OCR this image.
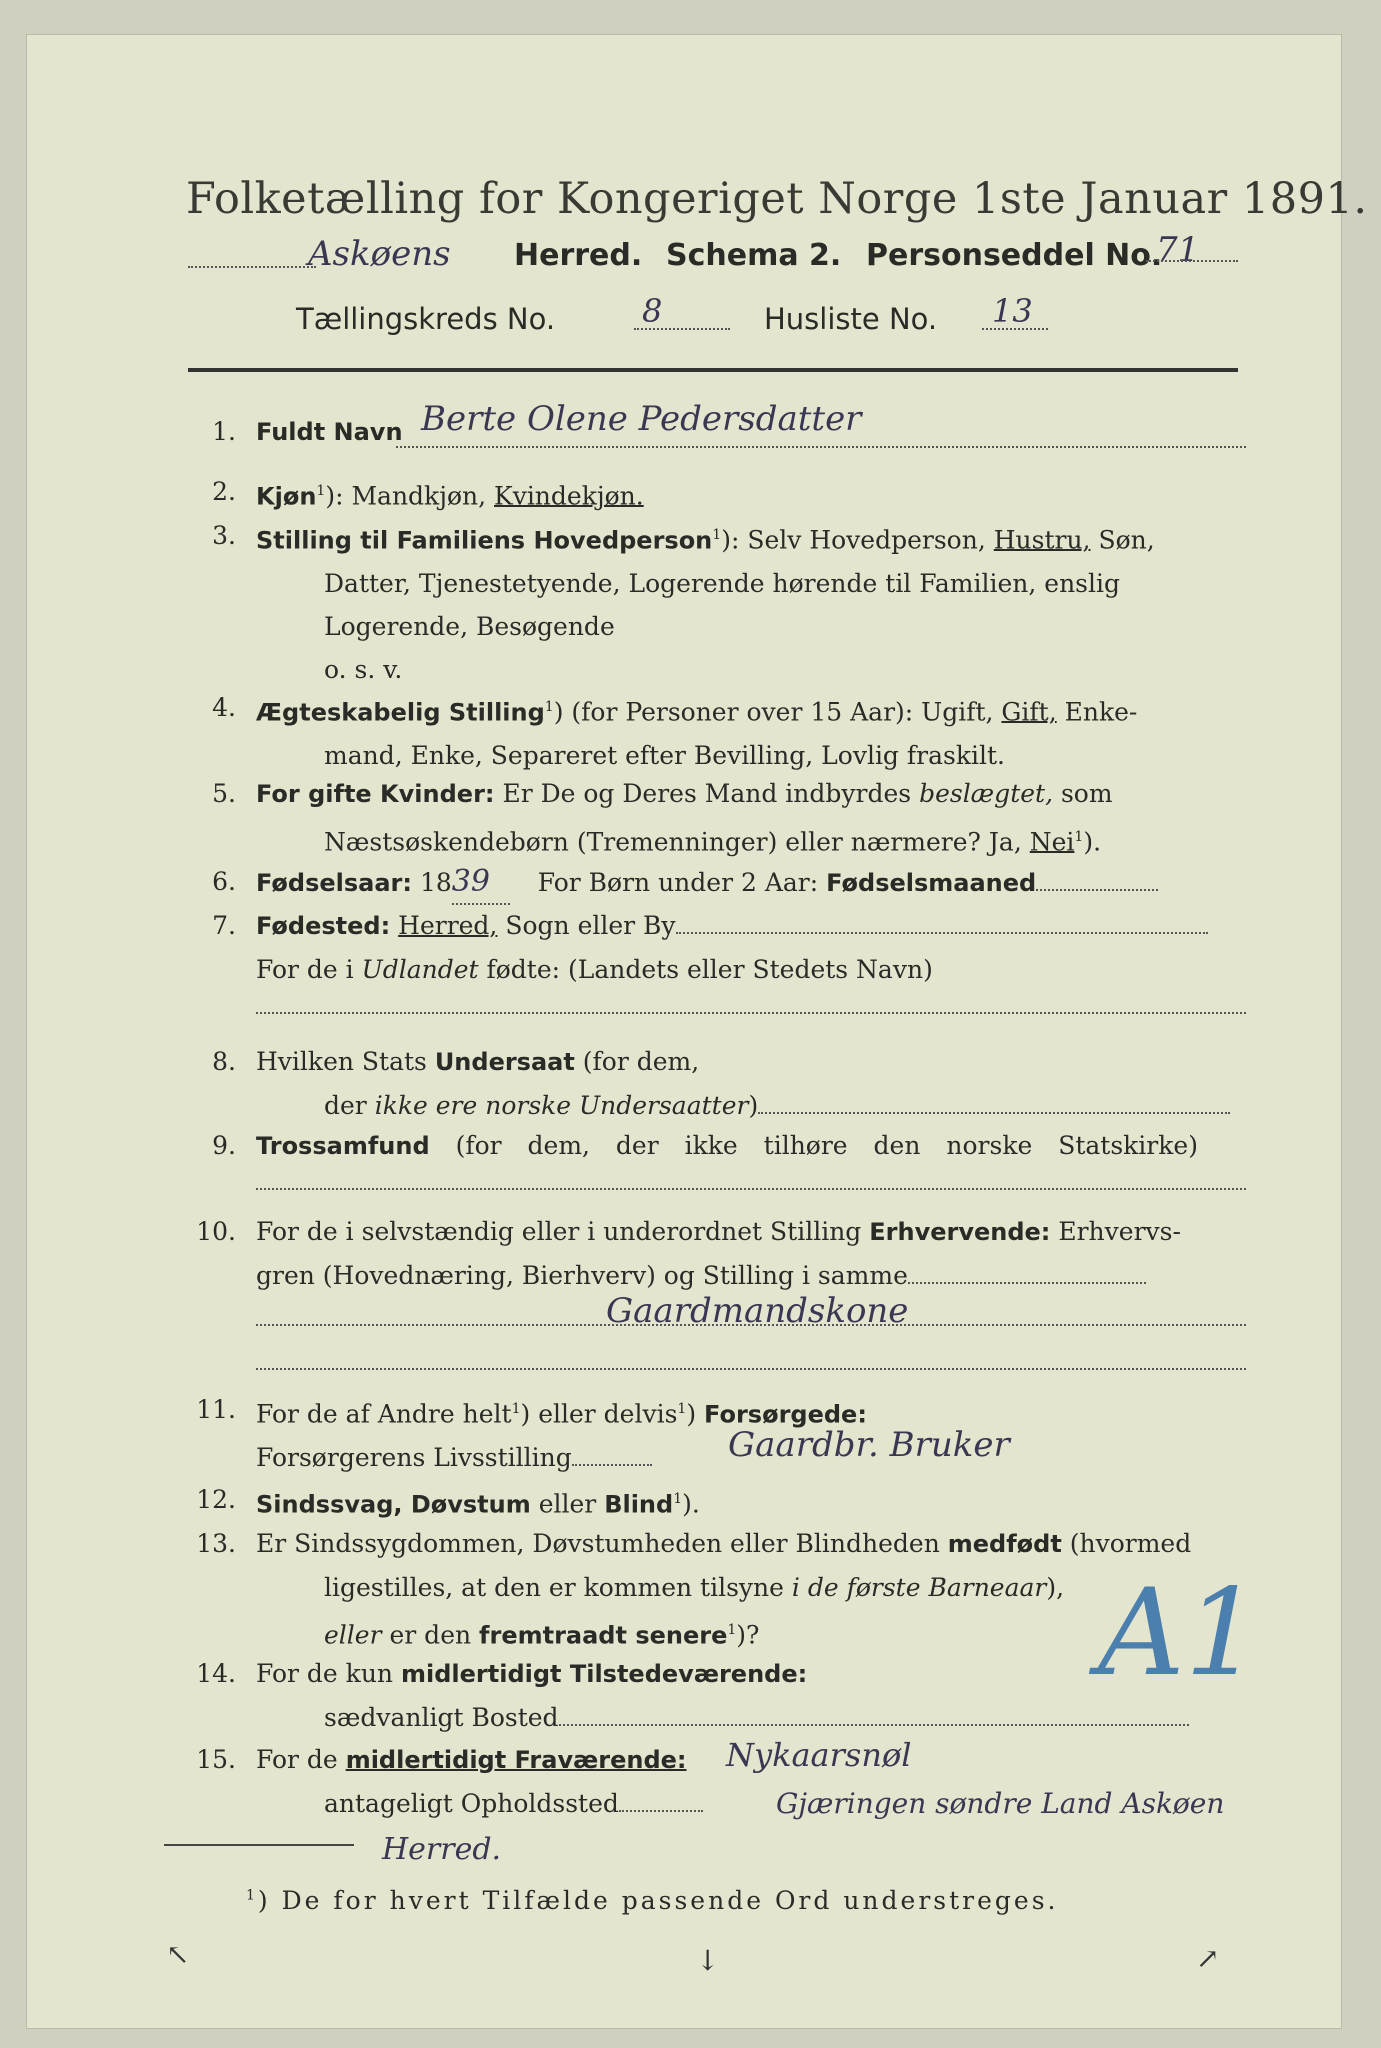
Folketælling for Kongeriget Norge 1ste Januar 1891.
Askøens Herred. Schema 2. Personseddel No.
71
Tællingskreds No.	8	Husliste No. 13
1. Fuldt Navn Berte Olene Pedersdatter
2. Kjøn$^1$): Mandkjøn, Kvindekjøn.
3. Stilling til Familiens Hovedperson$^1$): Selv Hovedperson, Hustru, Søn,
Datter, Tjenestetyende, Logerende hørende til Familien, enslig
Logerende, Besøgende
o. s. v.
4. Ægteskabelig Stilling$^1$) (for Personer over 15 Aar): Ugift, Gift, Enke-
mand, Enke, Separeret efter Bevilling, Lovlig fraskilt.
5. For gifte Kvinder: Er De og Deres Mand indbyrdes beslægtet, som
Næstsøskendebørn (Tremenninger) eller nærmere? Ja, Nei$^1$).
6. Fødselsaar: 1839 For Børn under 2 Aar: Fødselsmaaned
7. Fødested: Herred, Sogn eller By
For de i Udlandet fødte: (Landets eller Stedets Navn)
8. Hvilken Stats Undersaat (for dem,
der ikke ere norske Undersaatter)
9. Trossamfund (for dem, der ikke tilhøre den norske Statskirke)
10. For de i selvstændig eller i underordnet Stilling Erhvervende: Erhvervs-
gren (Hovednæring, Bierhverv) og Stilling i samme
Gaardmandskone
11. For de af Andre helt$^1$) eller delvis$^1$) Forsørgede:
Forsørgerens Livsstilling	Gaardbr. Bruker
12. Sindssvag, Døvstum eller Blind$^1$).
13. Er Sindssygdommen, Døvstumheden eller Blindheden medfødt (hvormed
ligestilles, at den er kommen tilsyne i de første Barneaar),
eller er den fremtraadt senere$^1$)?	A1
14. For de kun midlertidigt Tilstedeværende:
sædvanligt Bosted
15. For de midlertidigt Fraværende:
antageligt Opholdssted
Nykaarsnøl
Gjæringen søndre Land Askøen
Herred.
$^1$) De for hvert Tilfælde passende Ord understreges.
↖	↓	↗
